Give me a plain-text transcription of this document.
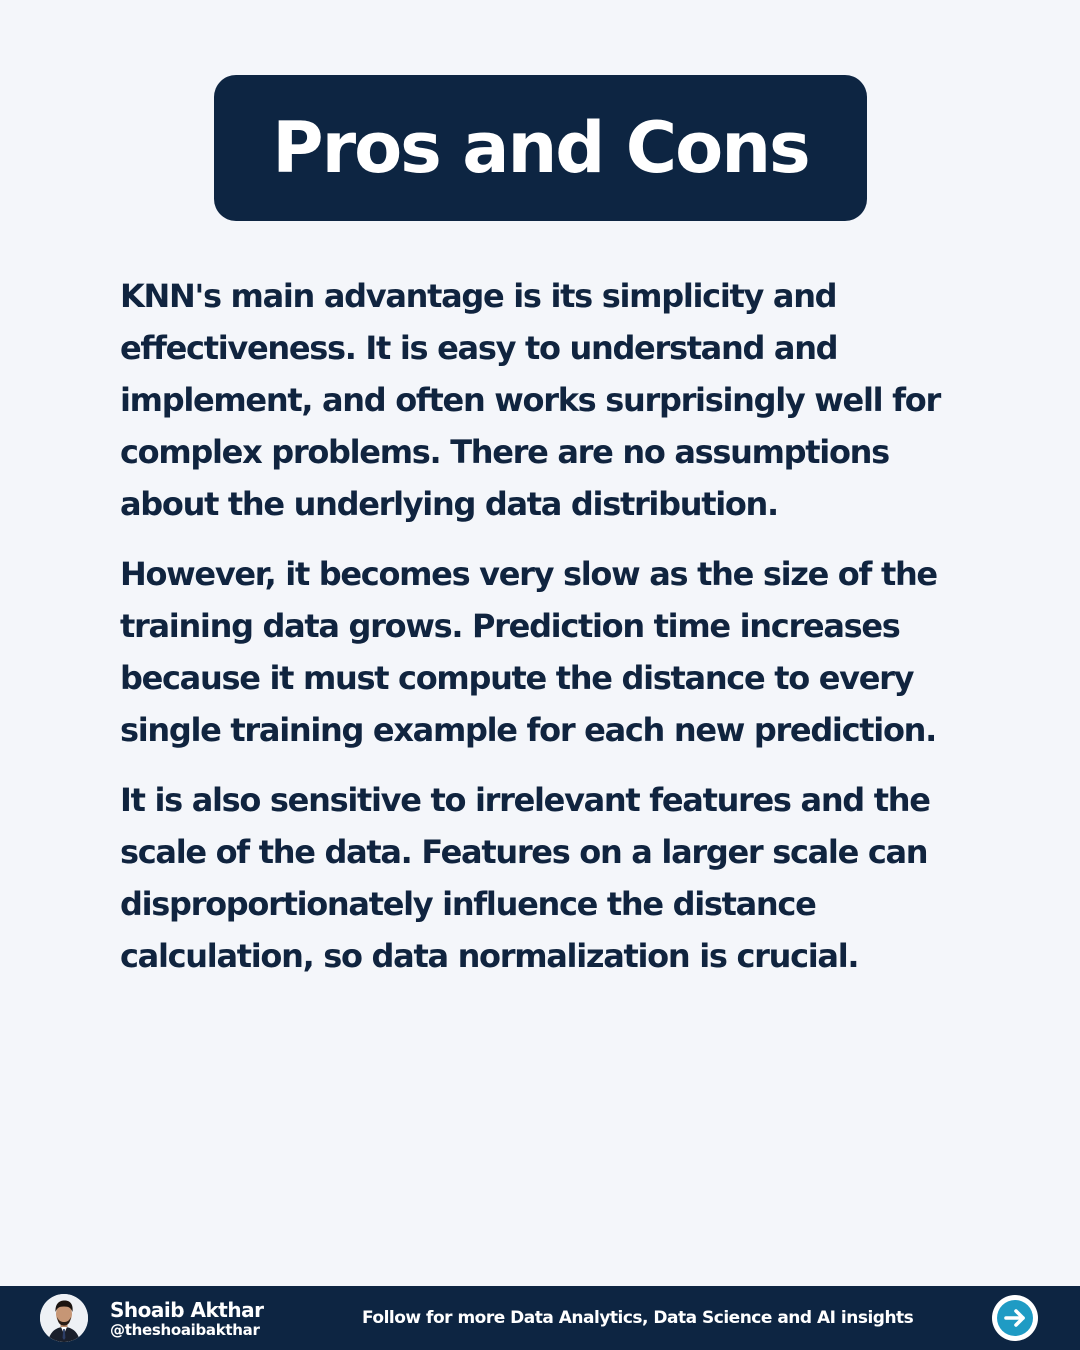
Pros and Cons

KNN's main advantage is its simplicity and effectiveness. It is easy to understand and implement, and often works surprisingly well for complex problems. There are no assumptions about the underlying data distribution.

However, it becomes very slow as the size of the training data grows. Prediction time increases because it must compute the distance to every single training example for each new prediction.

It is also sensitive to irrelevant features and the scale of the data. Features on a larger scale can disproportionately influence the distance calculation, so data normalization is crucial.

Shoaib Akthar
@theshoaibakthar
Follow for more Data Analytics, Data Science and AI insights
